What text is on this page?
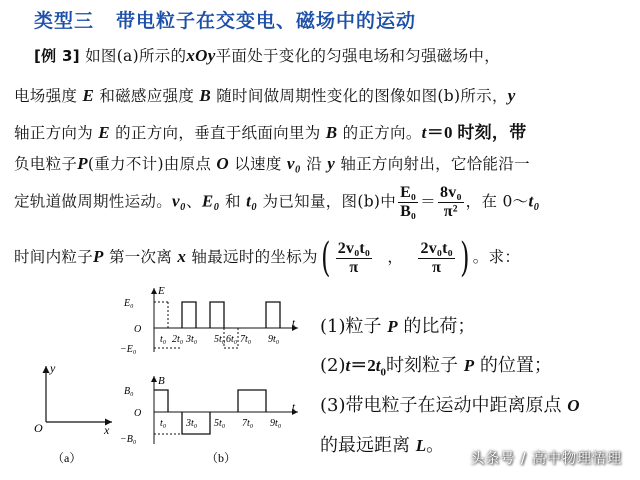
类型三 带电粒子在交变电、磁场中的运动
[例 3] 如图(a)所示的xOy平面处于变化的匀强电场和匀强磁场中，
电场强度 E 和磁感应强度 B 随时间做周期性变化的图像如图(b)所示，y
轴正方向为 E 的正方向，垂直于纸面向里为 B 的正方向。t＝0 时刻，带
负电粒子P(重力不计)由原点 O 以速度 v₀ 沿 y 轴正方向射出，它恰能沿一
定轨道做周期性运动。v₀、E₀ 和 t₀ 为已知量，图(b)中 $\frac{\text{E₀}}{\text{B₀}} = \frac{\text{8v₀}}{\text{π²}}$ ，在 0～t₀
时间内粒子P 第一次离 x 轴最远时的坐标为( $\frac{\text{2v₀t₀}}{\pi}$ ， $\frac{\text{2v₀t₀}}{\pi}$ ) 。求：
(1)粒子 P 的比荷；
$(2)t=2t_0$时刻粒子 P 的位置；
(3)带电粒子在运动中距离原点 O
的最远距离 L。
y
x
O
（a）
E
E₀
O
−E₀
t
t₀ 2t₀ 3t₀ 5t₀ 6t₀ 7t₀ 9t₀
B
B₀
O
−B₀
t
t₀ 3t₀ 5t₀ 7t₀ 9t₀
（b）	头条号 / 高中物理悟理
